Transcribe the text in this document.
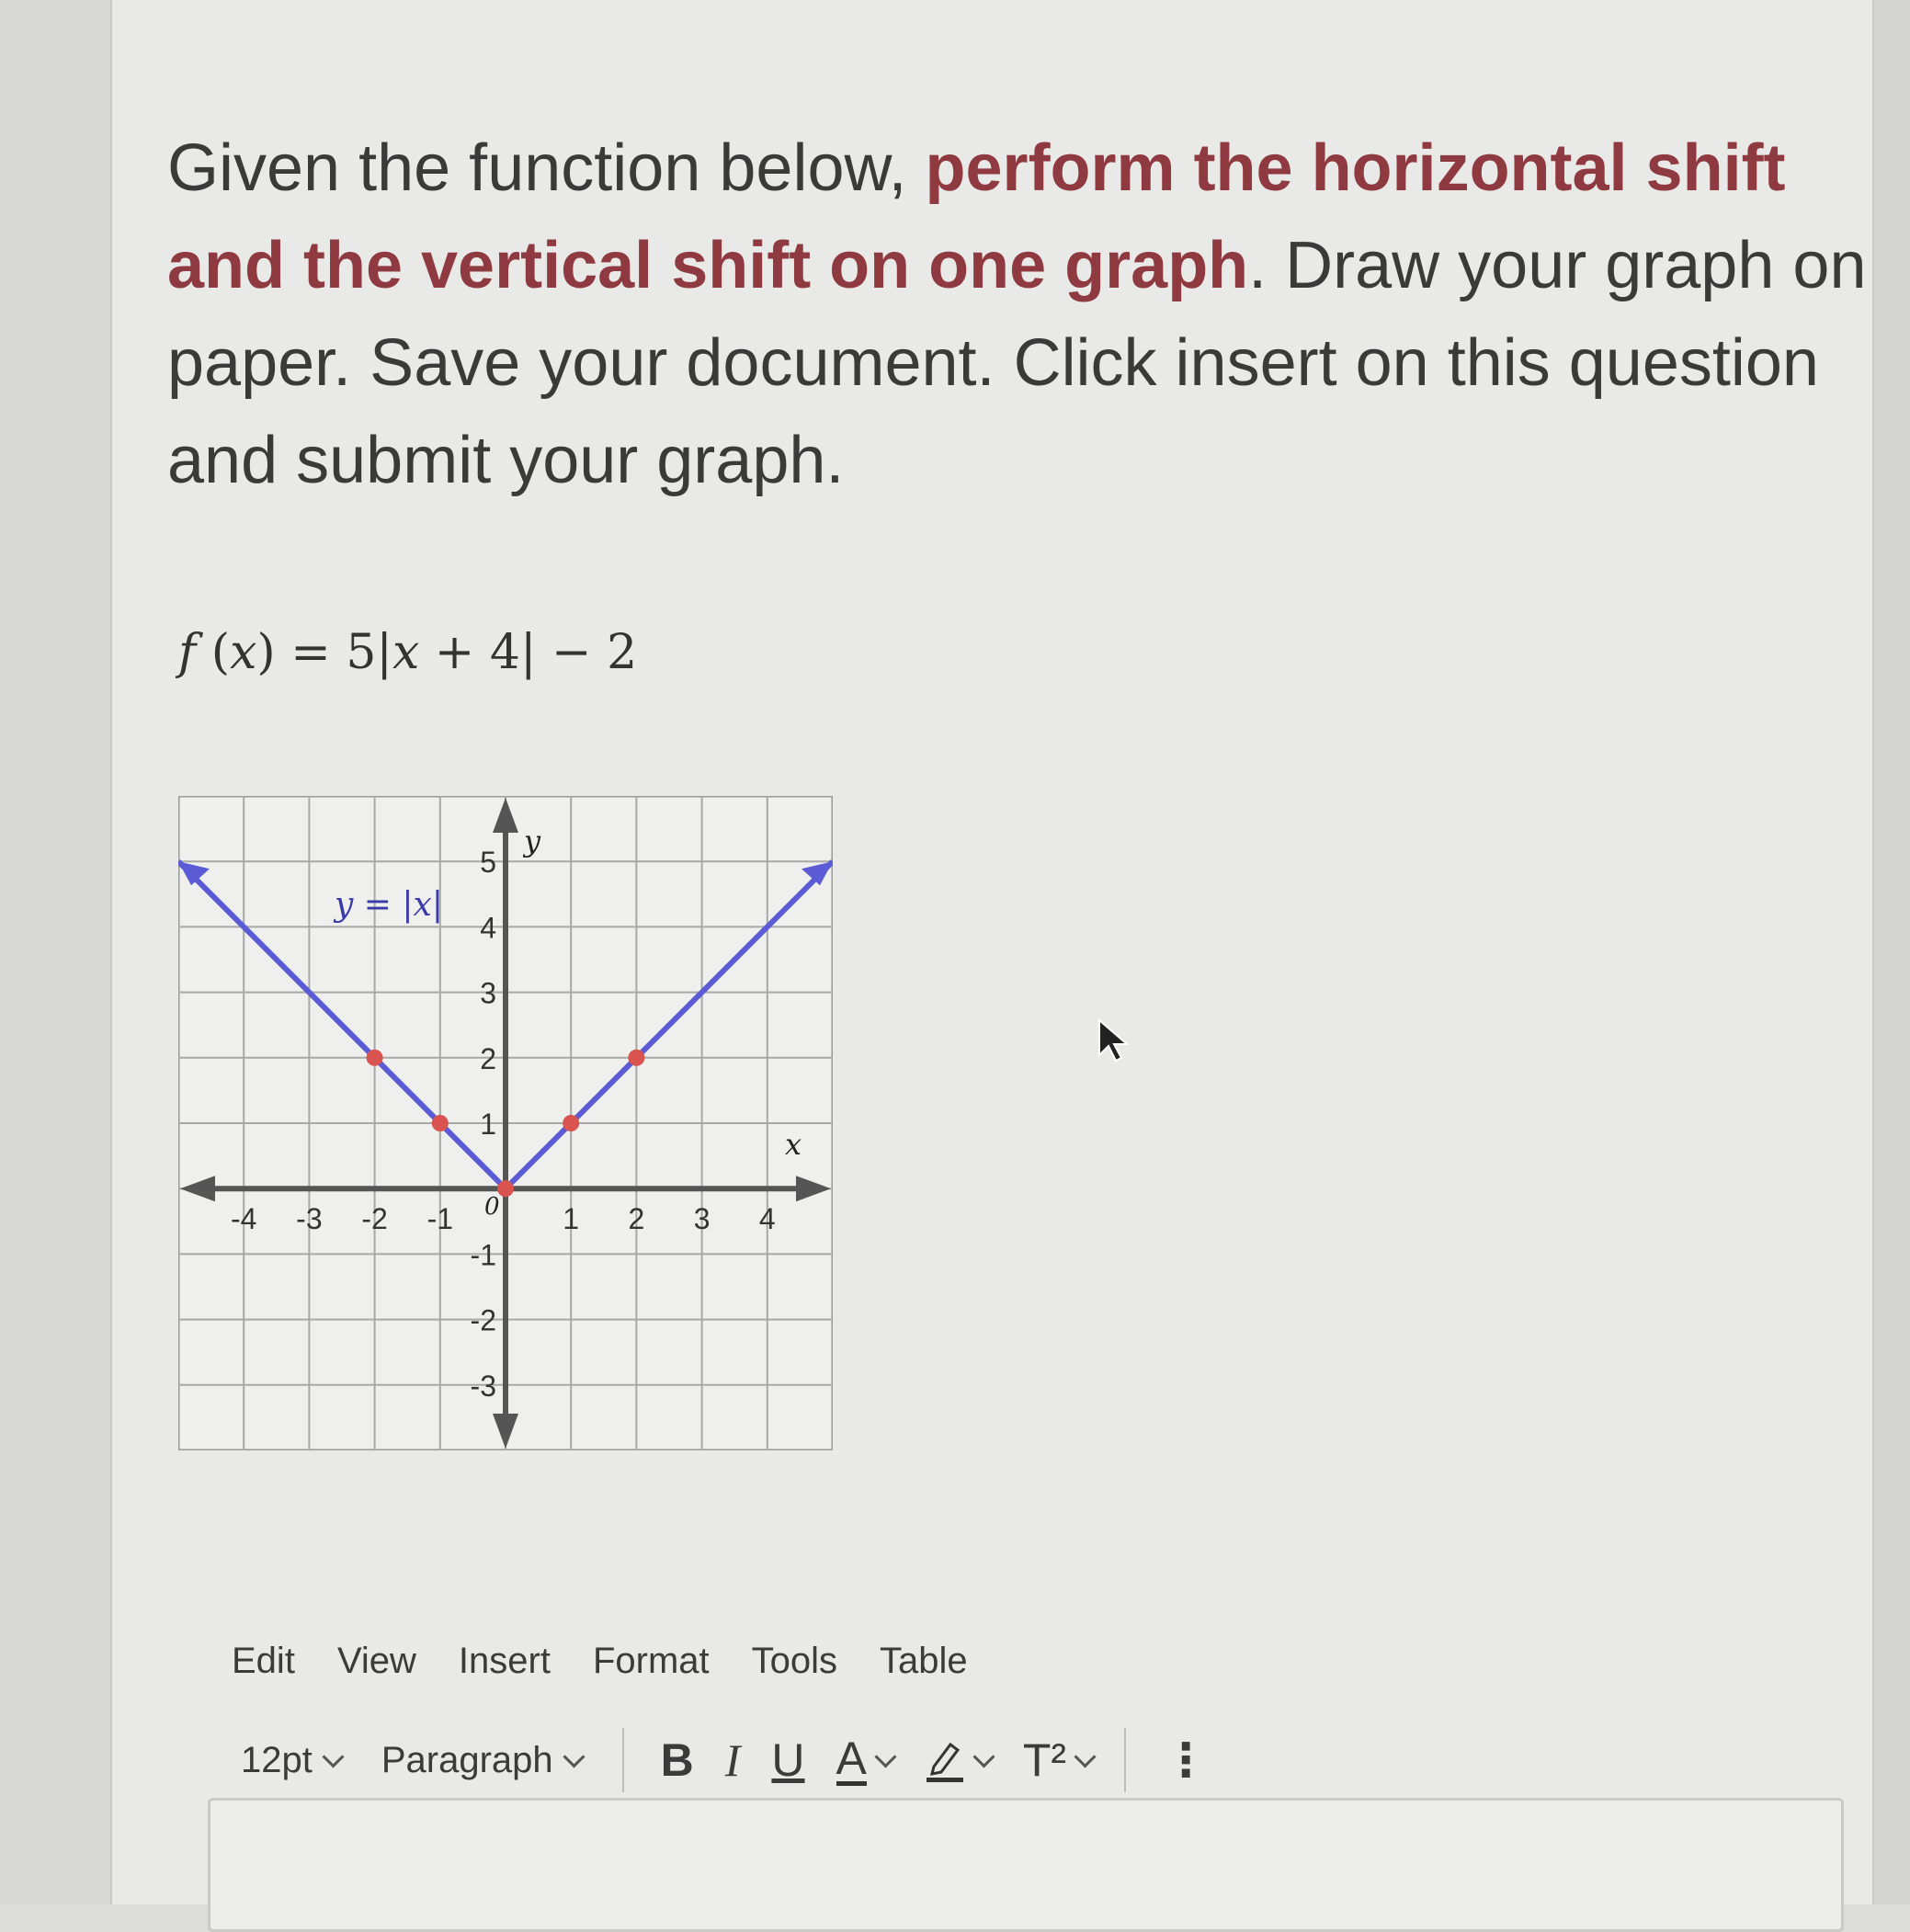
Given the function below, perform the horizontal shift and the vertical shift on one graph. Draw your graph on paper. Save your document. Click insert on this question and submit your graph.
f (x) = 5|x + 4| − 2
-4 -3 -2 -1	1 2 3 4
5
4
3
2
1
-1
-2
-3
y = |x|
y
x
0
Edit View Insert Format Tools Table
12pt Paragraph B I U A	T² ⋮
